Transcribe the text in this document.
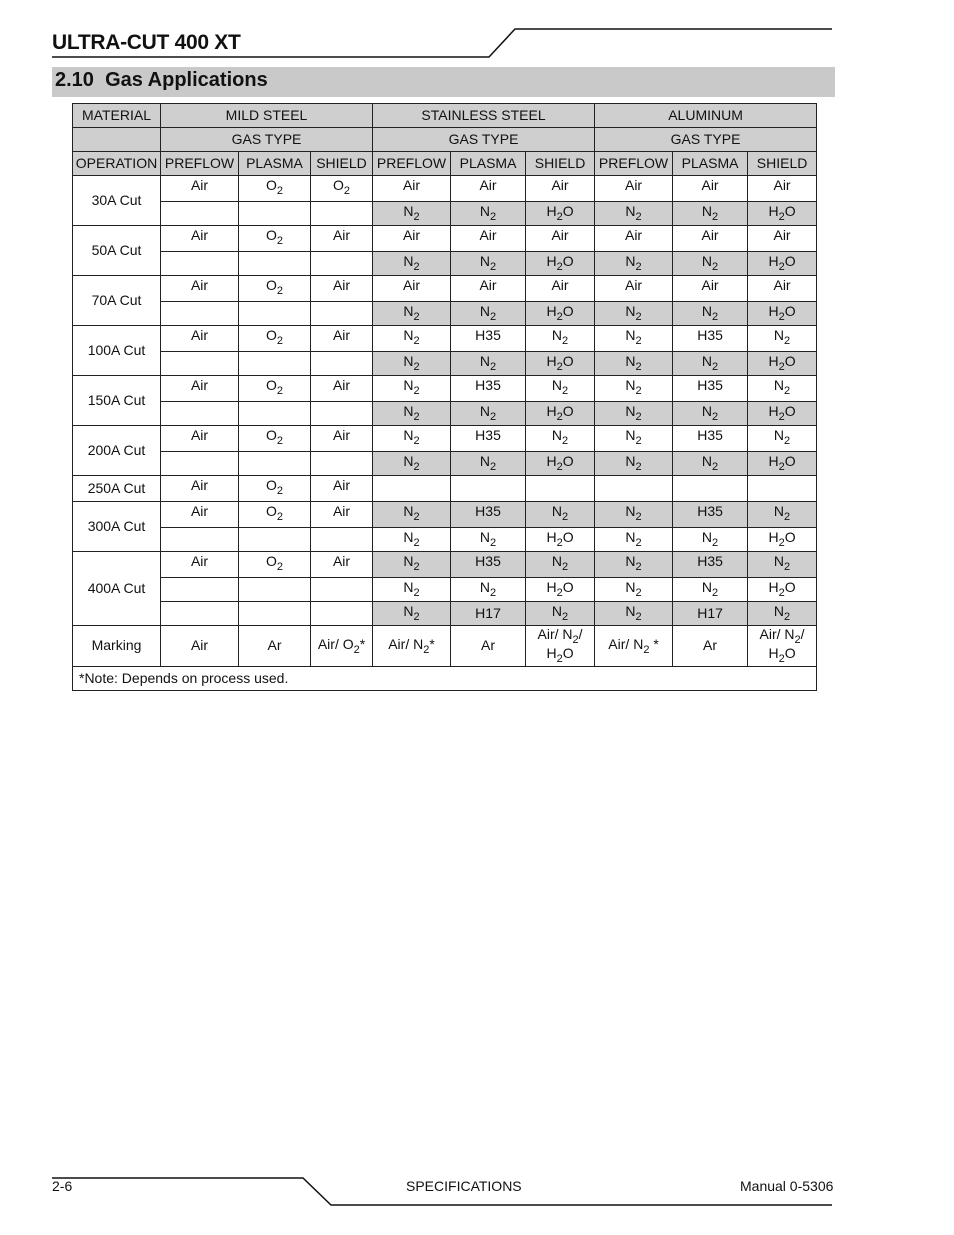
ULTRA-CUT 400 XT
2.10 Gas Applications
MATERIAL	MILD STEEL			STAINLESS STEEL			ALUMINUM		
	GAS TYPE			GAS TYPE			GAS TYPE		
OPERATION	PREFLOW	PLASMA	SHIELD	PREFLOW	PLASMA	SHIELD	PREFLOW	PLASMA	SHIELD
30A Cut	Air	$O_2$	$O_2$	Air	Air	Air	Air	Air	Air
				$N_2$	$N_2$	$H_2O$	$N_2$	$N_2$	$H_2O$
50A Cut	Air	$O_2$	Air	Air	Air	Air	Air	Air	Air
				$N_2$	$N_2$	$H_2O$	$N_2$	$N_2$	$H_2O$
70A Cut	Air	$O_2$	Air	Air	Air	Air	Air	Air	Air
				$N_2$	$N_2$	$H_2O$	$N_2$	$N_2$	$H_2O$
100A Cut	Air	$O_2$	Air	$N_2$	H35	$N_2$	$N_2$	H35	$N_2$
				$N_2$	$N_2$	$H_2O$	$N_2$	$N_2$	$H_2O$
150A Cut	Air	$O_2$	Air	$N_2$	H35	$N_2$	$N_2$	H35	$N_2$
				$N_2$	$N_2$	$H_2O$	$N_2$	$N_2$	$H_2O$
200A Cut	Air	$O_2$	Air	$N_2$	H35	$N_2$	$N_2$	H35	$N_2$
				$N_2$	$N_2$	$H_2O$	$N_2$	$N_2$	$H_2O$
250A Cut	Air	$O_2$	Air						
300A Cut	Air	$O_2$	Air	$N_2$	H35	$N_2$	$N_2$	H35	$N_2$
				$N_2$	$N_2$	$H_2O$	$N_2$	$N_2$	$H_2O$
400A Cut	Air	$O_2$	Air	$N_2$	H35	$N_2$	$N_2$	H35	$N_2$
				$N_2$	$N_2$	$H_2O$	$N_2$	$N_2$	$H_2O$
				$N_2$	H17	$N_2$	$N_2$	H17	$N_2$
Marking	Air	Ar	Air/ $O_2*$	Air/ $N_2*$	Ar	Air/ $N_2/$ $H_2O$	Air/ $N_2$ *	Ar	Air/ $N_2/$ $H_2O$
*Note: Depends on process used.									
2-6	SPECIFICATIONS	Manual 0-5306
